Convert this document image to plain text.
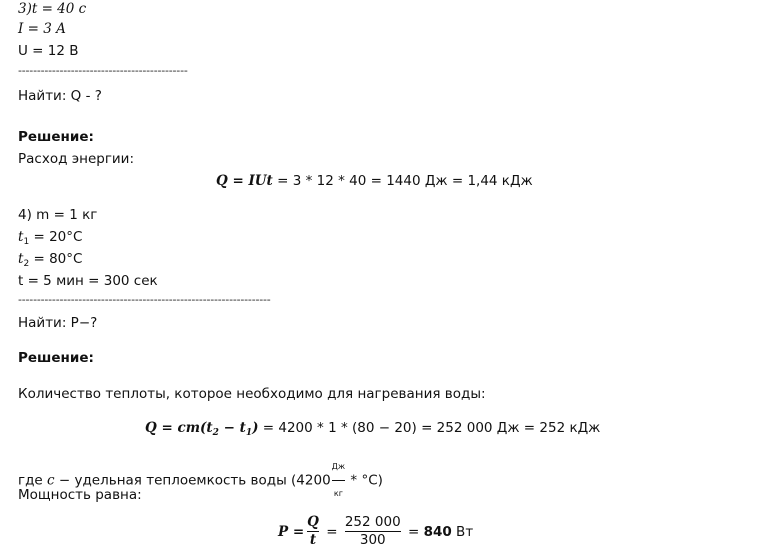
3)t = 40 c
I = 3 A
U = 12 В
---------------------------------------------
Найти: Q - ?
Решение:
Расход энергии:
Q = IUt = 3 * 12 * 40 = 1440 Дж = 1,44 кДж
4) m = 1 кг
$t_1 = 20^\circ C$
$t_2 = 80^\circ C$
t = 5 мин = 300 сек
-------------------------------------------------------------------
Найти: P−?
Решение:
Количество теплоты, которое необходимо для нагревания воды:
$Q = cm(t_2 - t_1) = 4200 * 1 * (80 - 20) = 252$ 000 Дж = 252 кДж
где c − удельная теплоемкость воды (4200
Дж
кг
* °C)
Мощность равна:
$P = \frac{Q}{t} = \frac{252 000}{300} = 840$ Вт
